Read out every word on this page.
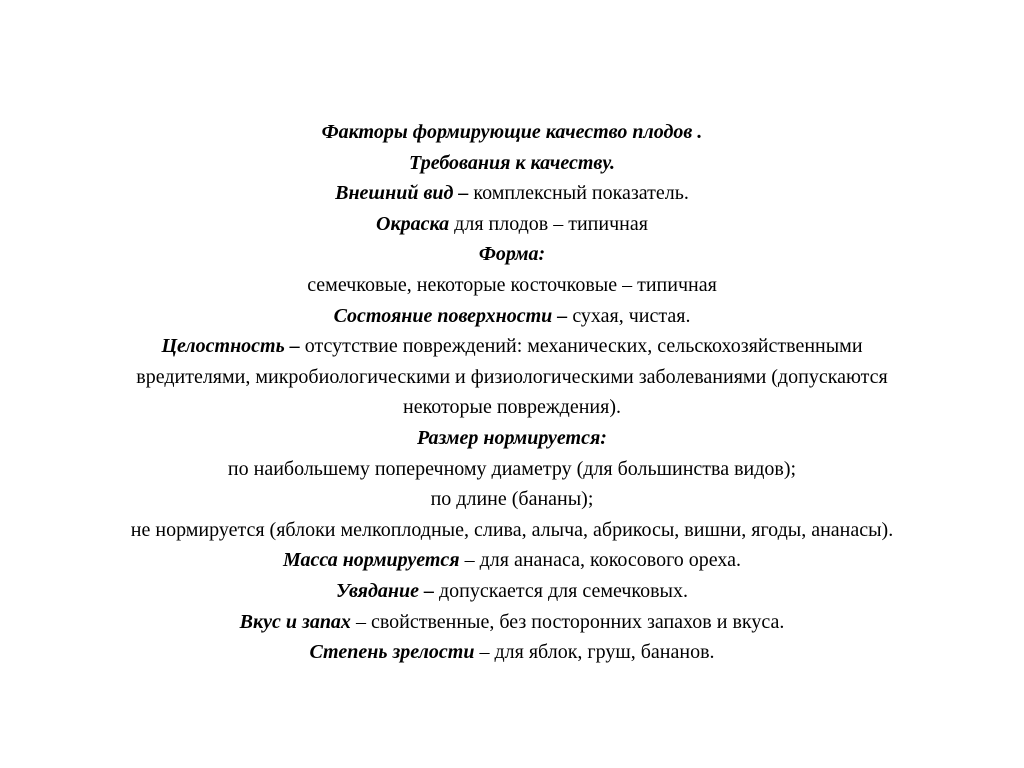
Факторы формирующие качество плодов .
Требования к качеству.
Внешний вид – комплексный показатель.
Окраска для плодов – типичная
Форма:
семечковые, некоторые косточковые – типичная
Состояние поверхности – сухая, чистая.
Целостность – отсутствие повреждений: механических, сельскохозяйственными
вредителями, микробиологическими и физиологическими заболеваниями (допускаются
некоторые повреждения).
Размер нормируется:
по наибольшему поперечному диаметру (для большинства видов);
по длине (бананы);
не нормируется (яблоки мелкоплодные, слива, алыча, абрикосы, вишни, ягоды, ананасы).
Масса нормируется – для ананаса, кокосового ореха.
Увядание – допускается для семечковых.
Вкус и запах – свойственные, без посторонних запахов и вкуса.
Степень зрелости – для яблок, груш, бананов.
